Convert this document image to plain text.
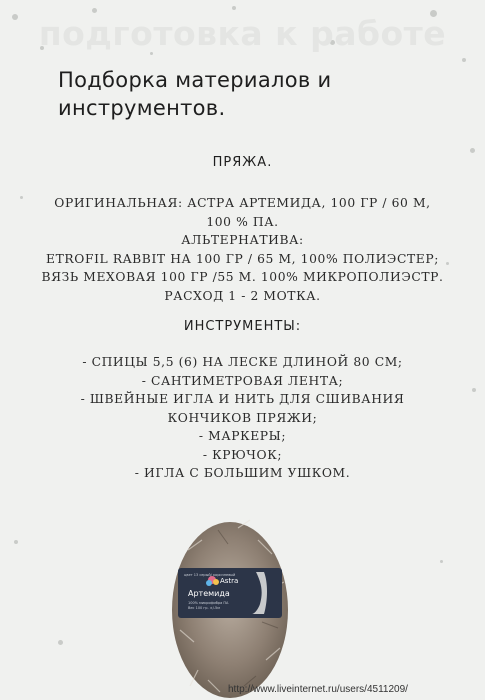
подготовка к работе
Подборка материалов и
инструментов.
ПРЯЖА.
ОРИГИНАЛЬНАЯ: АСТРА АРТЕМИДА, 100 ГР / 60 М,
100 % ПА.
АЛЬТЕРНАТИВА:
ETROFIL RABBIT НА 100 ГР / 65 М, 100% ПОЛИЭСТЕР;
ВЯЗЬ МЕХОВАЯ 100 ГР /55 М. 100% МИКРОПОЛИЭСТР.
РАСХОД 1 - 2 МОТКА.
ИНСТРУМЕНТЫ:
- СПИЦЫ 5,5 (6) НА ЛЕСКЕ ДЛИНОЙ 80 СМ;
- САНТИМЕТРОВАЯ ЛЕНТА;
- ШВЕЙНЫЕ ИГЛА И НИТЬ ДЛЯ СШИВАНИЯ
КОНЧИКОВ ПРЯЖИ;
- МАРКЕРЫ;
- КРЮЧОК;
- ИГЛА С БОЛЬШИМ УШКОМ.
Astra
цвет 13 серый/ коричневый
Артемида
100% микрофибра ПА
Вес 100 гр. ±/-5м
http://www.liveinternet.ru/users/4511209/
